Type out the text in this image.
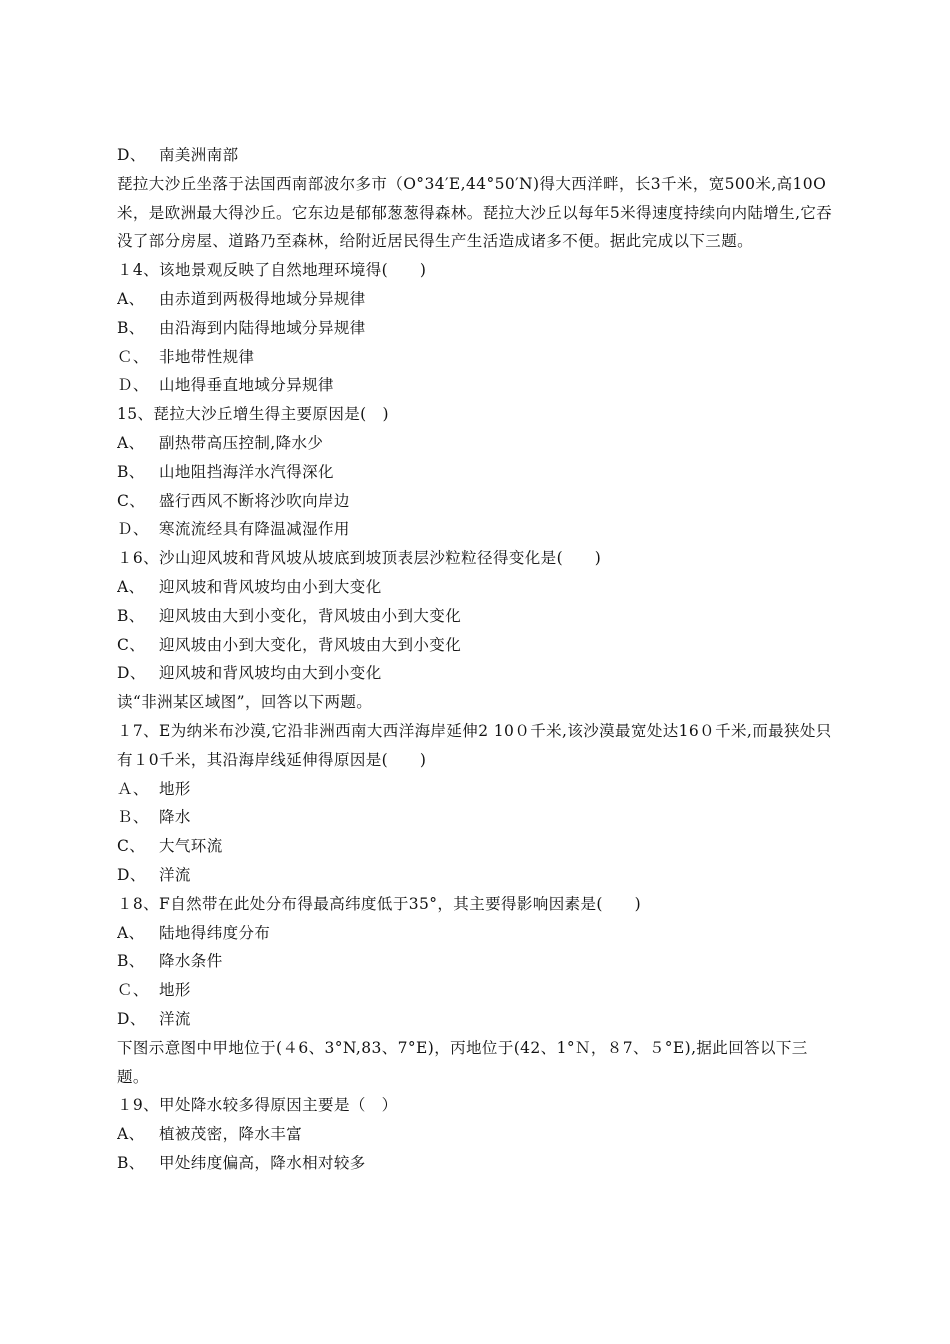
D、 南美洲南部
琵拉大沙丘坐落于法国西南部波尔多市（O°34′E,44°50′N)得大西洋畔，长3千米，宽500米,高10O米，是欧洲最大得沙丘。它东边是郁郁葱葱得森林。琵拉大沙丘以每年5米得速度持续向内陆增生,它吞没了部分房屋、道路乃至森林，给附近居民得生产生活造成诸多不便。据此完成以下三题。
１4、该地景观反映了自然地理环境得(　　)
A、 由赤道到两极得地域分异规律
B、 由沿海到内陆得地域分异规律
Ｃ、 非地带性规律
Ｄ、 山地得垂直地域分异规律
15、琵拉大沙丘增生得主要原因是(　)
A、 副热带高压控制,降水少
B、 山地阻挡海洋水汽得深化
C、 盛行西风不断将沙吹向岸边
Ｄ、 寒流流经具有降温减湿作用
１6、沙山迎风坡和背风坡从坡底到坡顶表层沙粒粒径得变化是(　　)
A、 迎风坡和背风坡均由小到大变化
B、 迎风坡由大到小变化，背风坡由小到大变化
C、 迎风坡由小到大变化，背风坡由大到小变化
D、 迎风坡和背风坡均由大到小变化
读“非洲某区域图”，回答以下两题。
１7、E为纳米布沙漠,它沿非洲西南大西洋海岸延伸2 10０千米,该沙漠最宽处达16０千米,而最狭处只有１0千米，其沿海岸线延伸得原因是(　　)
Ａ、 地形
Ｂ、 降水
C、 大气环流
D、 洋流
１8、F自然带在此处分布得最高纬度低于35°，其主要得影响因素是(　　)
A、 陆地得纬度分布
B、 降水条件
Ｃ、 地形
D、 洋流
下图示意图中甲地位于(４6、3°N,83、7°E)，丙地位于(42、1°Ｎ，８7、５°E),据此回答以下三题。
１9、甲处降水较多得原因主要是（　）
A、 植被茂密，降水丰富
B、 甲处纬度偏高，降水相对较多
